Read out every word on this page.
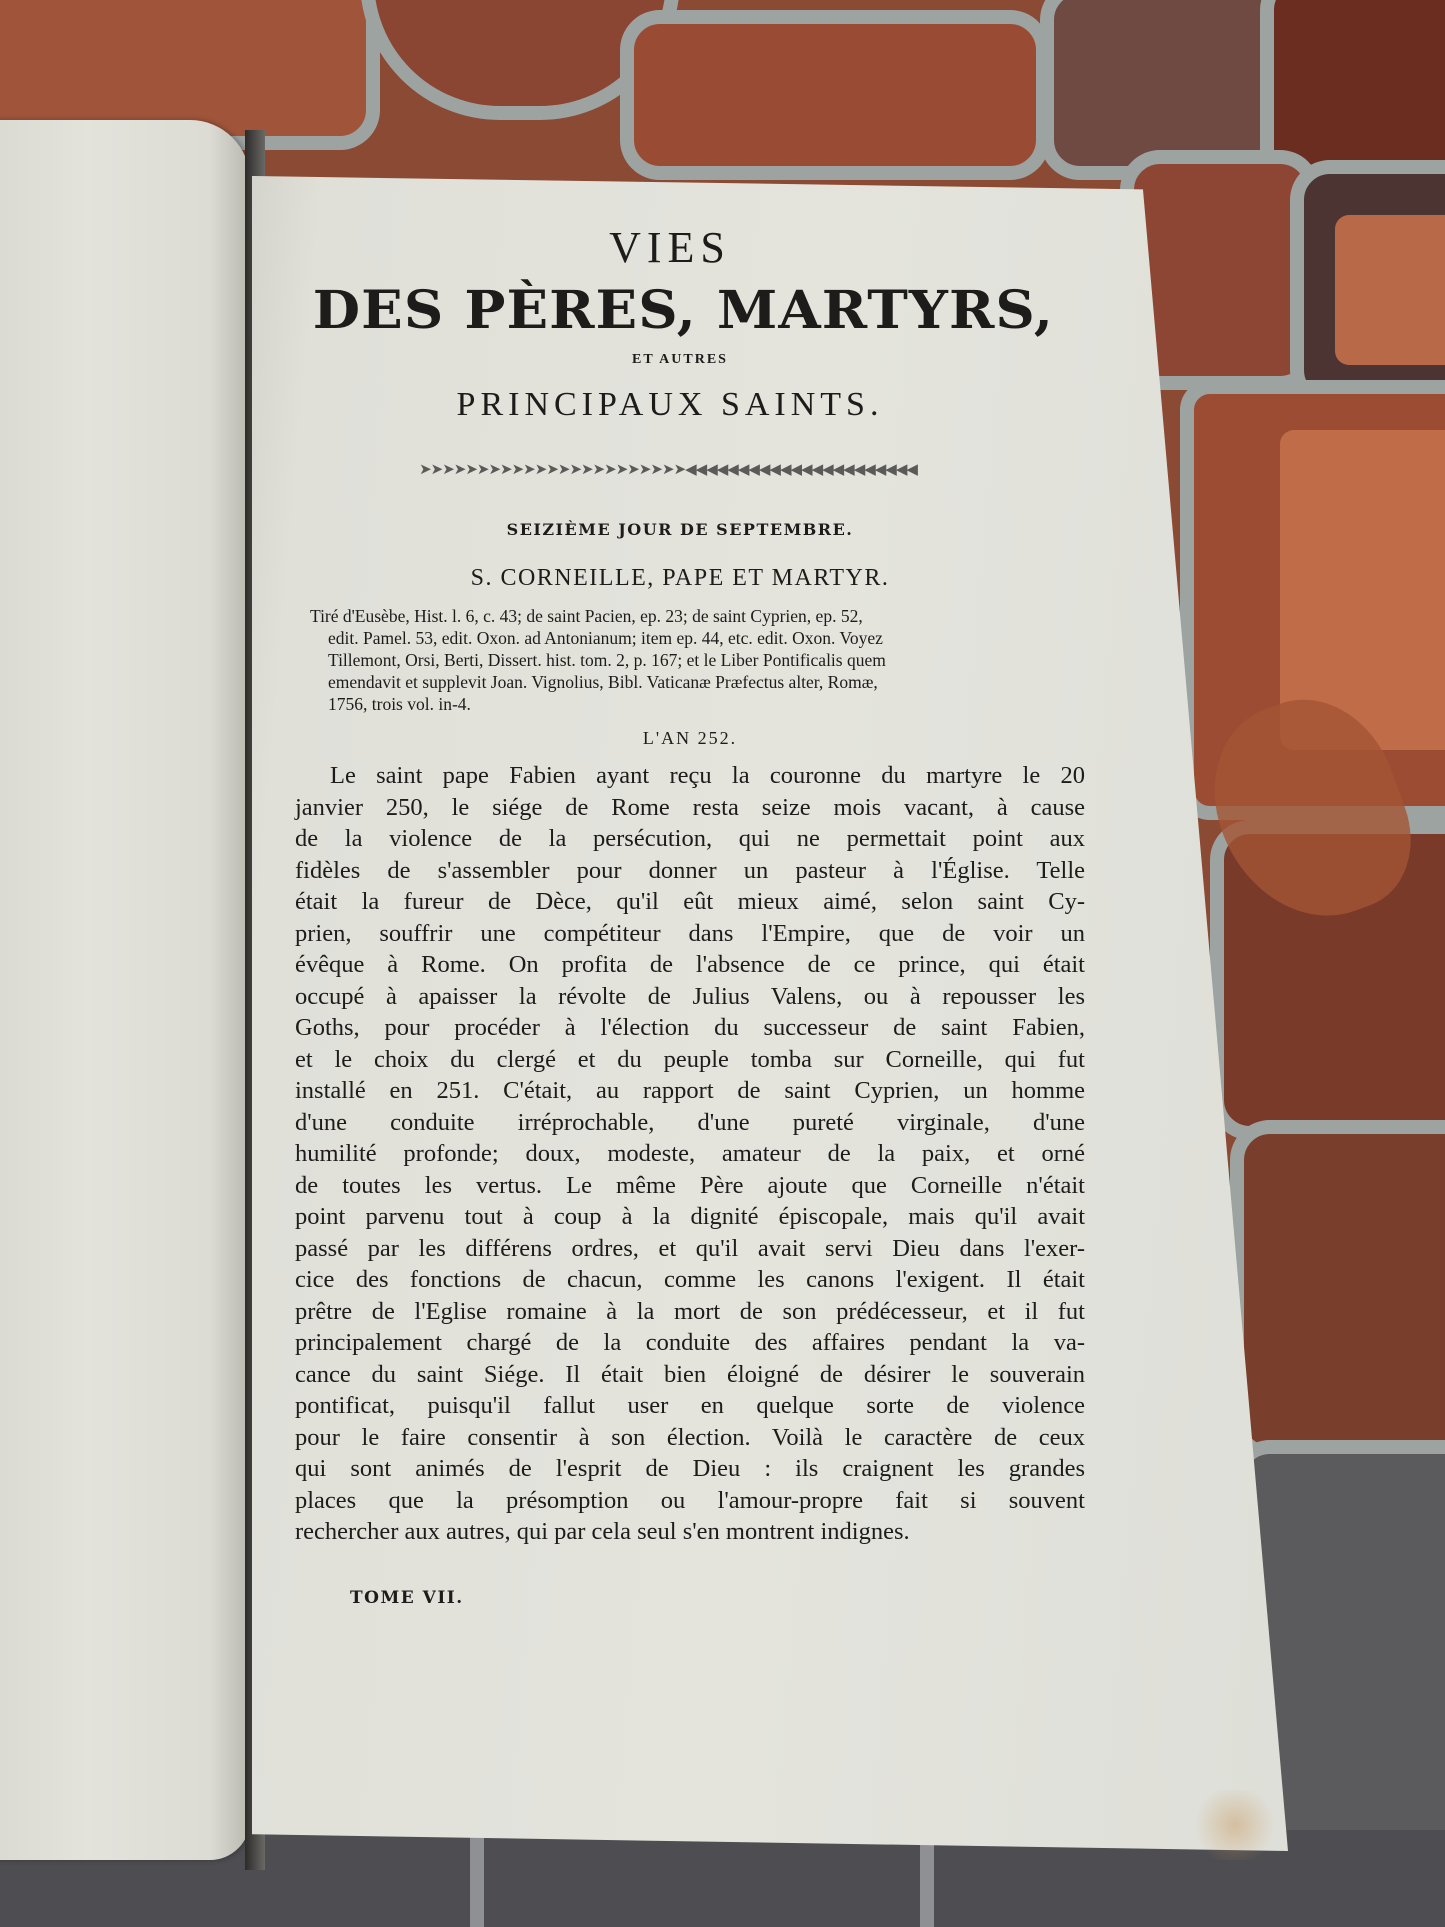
VIES
DES PÈRES, MARTYRS,
ET AUTRES
PRINCIPAUX SAINTS.
➤➤➤➤➤➤➤➤➤➤➤➤➤➤➤➤➤➤➤➤➤➤➤◀◀◀◀◀◀◀◀◀◀◀◀◀◀◀◀◀◀◀◀◀◀
SEIZIÈME JOUR DE SEPTEMBRE.
S. CORNEILLE, PAPE ET MARTYR.
Tiré d'Eusèbe, Hist. l. 6, c. 43; de saint Pacien, ep. 23; de saint Cyprien, ep. 52,
edit. Pamel. 53, edit. Oxon. ad Antonianum; item ep. 44, etc. edit. Oxon. Voyez
Tillemont, Orsi, Berti, Dissert. hist. tom. 2, p. 167; et le Liber Pontificalis quem
emendavit et supplevit Joan. Vignolius, Bibl. Vaticanæ Præfectus alter, Romæ,
1756, trois vol. in-4.
L'AN 252.
Le saint pape Fabien ayant reçu la couronne du martyre le 20
janvier 250, le siége de Rome resta seize mois vacant, à cause
de la violence de la persécution, qui ne permettait point aux
fidèles de s'assembler pour donner un pasteur à l'Église. Telle
était la fureur de Dèce, qu'il eût mieux aimé, selon saint Cy-
prien, souffrir une compétiteur dans l'Empire, que de voir un
évêque à Rome. On profita de l'absence de ce prince, qui était
occupé à apaisser la révolte de Julius Valens, ou à repousser les
Goths, pour procéder à l'élection du successeur de saint Fabien,
et le choix du clergé et du peuple tomba sur Corneille, qui fut
installé en 251. C'était, au rapport de saint Cyprien, un homme
d'une conduite irréprochable, d'une pureté virginale, d'une
humilité profonde; doux, modeste, amateur de la paix, et orné
de toutes les vertus. Le même Père ajoute que Corneille n'était
point parvenu tout à coup à la dignité épiscopale, mais qu'il avait
passé par les différens ordres, et qu'il avait servi Dieu dans l'exer-
cice des fonctions de chacun, comme les canons l'exigent. Il était
prêtre de l'Eglise romaine à la mort de son prédécesseur, et il fut
principalement chargé de la conduite des affaires pendant la va-
cance du saint Siége. Il était bien éloigné de désirer le souverain
pontificat, puisqu'il fallut user en quelque sorte de violence
pour le faire consentir à son élection. Voilà le caractère de ceux
qui sont animés de l'esprit de Dieu : ils craignent les grandes
places que la présomption ou l'amour-propre fait si souvent
rechercher aux autres, qui par cela seul s'en montrent indignes.
TOME VII.
